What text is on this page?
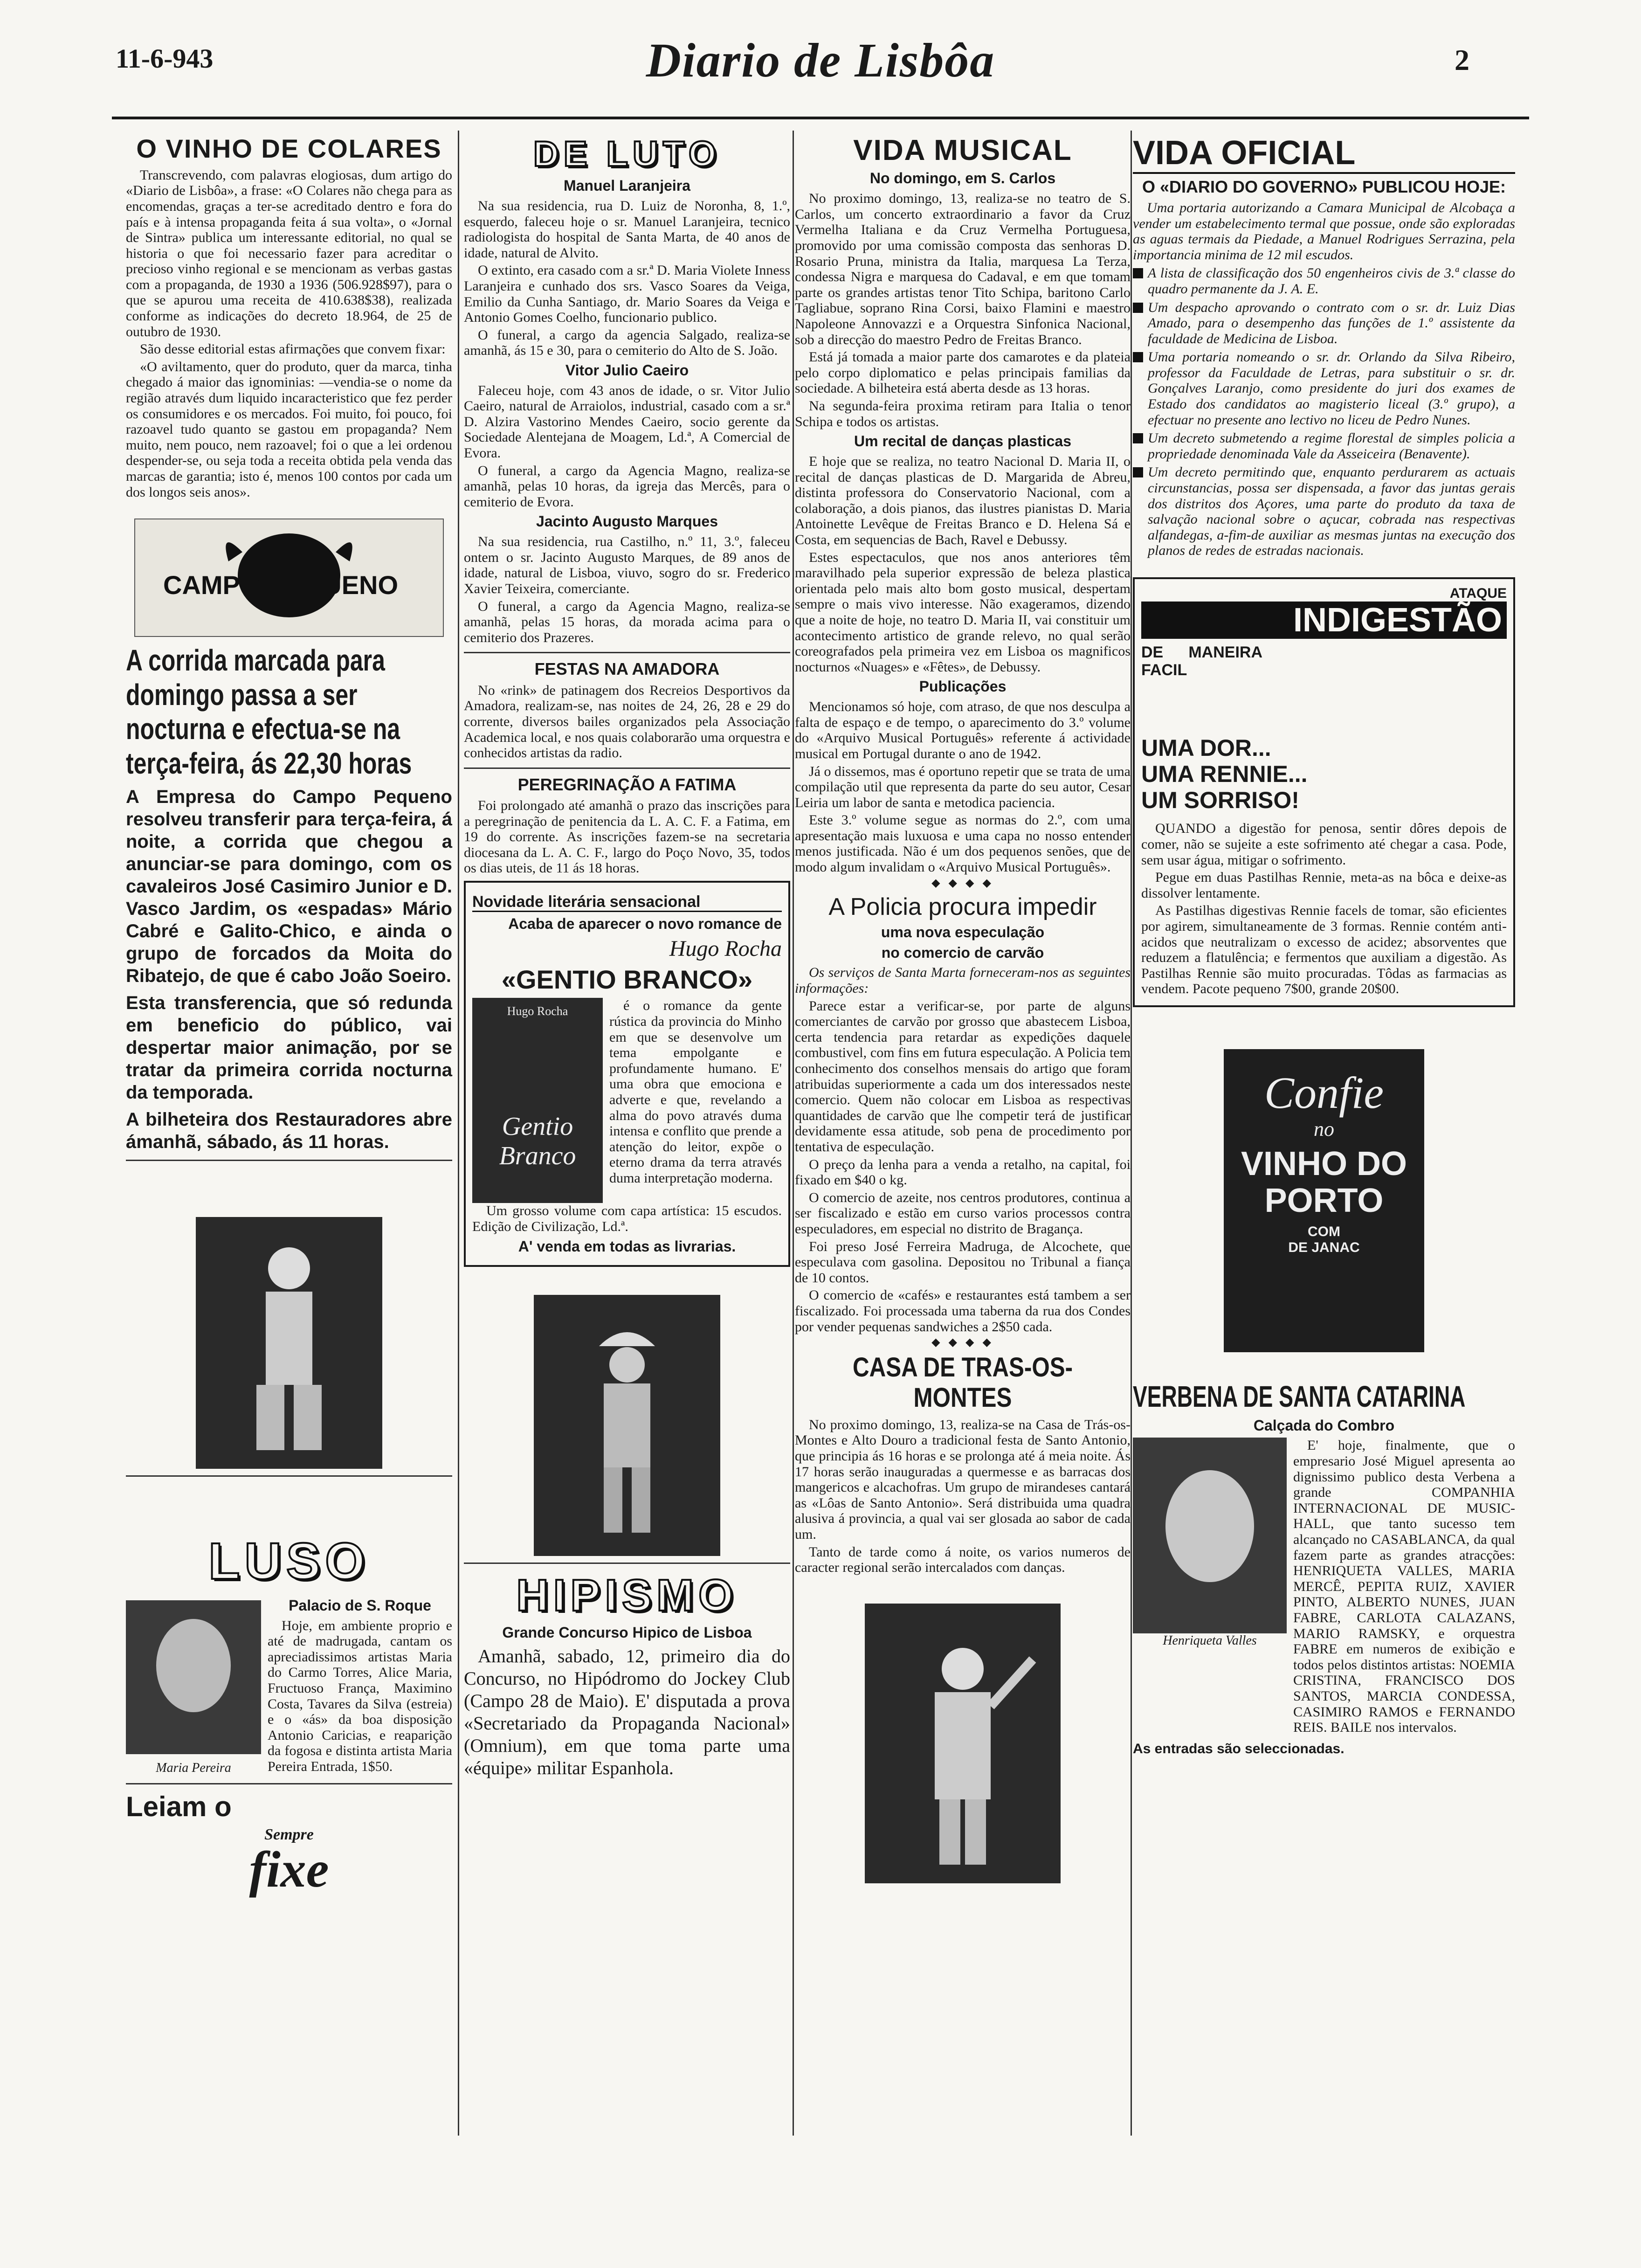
11-6-943	Diario de Lisbôa	2
O VINHO DE COLARES

Transcrevendo, com palavras elogiosas, dum artigo do «Diario de Lisbôa», a frase: «O Colares não chega para as encomendas, graças a ter-se acreditado dentro e fora do país e à intensa propaganda feita á sua volta», o «Jornal de Sintra» publica um interessante editorial, no qual se historia o que foi necessario fazer para acreditar o precioso vinho regional e se mencionam as verbas gastas com a propaganda, de 1930 a 1936 (506.928$97), para o que se apurou uma receita de 410.638$38), realizada conforme as indicações do decreto 18.964, de 25 de outubro de 1930.

São desse editorial estas afirmações que convem fixar:

«O aviltamento, quer do produto, quer da marca, tinha chegado á maior das ignominias: —vendia-se o nome da região através dum liquido incaracteristico que fez perder os consumidores e os mercados. Foi muito, foi pouco, foi razoavel tudo quanto se gastou em propaganda? Nem muito, nem pouco, nem razoavel; foi o que a lei ordenou despender-se, ou seja toda a receita obtida pela venda das marcas de garantia; isto é, menos 100 contos por cada um dos longos seis anos».

CAMPO PEQUENO
A corrida marcada para domingo passa a ser nocturna e efectua-se na terça-feira, ás 22,30 horas
A Empresa do Campo Pequeno resolveu transferir para terça-feira, á noite, a corrida que chegou a anunciar-se para domingo, com os cavaleiros José Casimiro Junior e D. Vasco Jardim, os «espadas» Mário Cabré e Galito-Chico, e ainda o grupo de forcados da Moita do Ribatejo, de que é cabo João Soeiro.
Esta transferencia, que só redunda em beneficio do público, vai despertar maior animação, por se tratar da primeira corrida nocturna da temporada.
A bilheteira dos Restauradores abre ámanhã, sábado, ás 11 horas.
LUSO
Maria Pereira
Palacio de S. Roque

Hoje, em ambiente proprio e até de madrugada, cantam os apreciadissimos artistas Maria do Carmo Torres, Alice Maria, Fructuoso França, Maximino Costa, Tavares da Silva (estreia) e o «ás» da boa disposição Antonio Caricias, e reaparição da fogosa e distinta artista Maria Pereira Entrada, 1$50.

Leiam o
Sempre
fixe
DE LUTO
Manuel Laranjeira

Na sua residencia, rua D. Luiz de Noronha, 8, 1.º, esquerdo, faleceu hoje o sr. Manuel Laranjeira, tecnico radiologista do hospital de Santa Marta, de 40 anos de idade, natural de Alvito.

O extinto, era casado com a sr.ª D. Maria Violete Inness Laranjeira e cunhado dos srs. Vasco Soares da Veiga, Emilio da Cunha Santiago, dr. Mario Soares da Veiga e Antonio Gomes Coelho, funcionario publico.

O funeral, a cargo da agencia Salgado, realiza-se amanhã, ás 15 e 30, para o cemiterio do Alto de S. João.

Vitor Julio Caeiro

Faleceu hoje, com 43 anos de idade, o sr. Vitor Julio Caeiro, natural de Arraiolos, industrial, casado com a sr.ª D. Alzira Vastorino Mendes Caeiro, socio gerente da Sociedade Alentejana de Moagem, Ld.ª, A Comercial de Evora.

O funeral, a cargo da Agencia Magno, realiza-se amanhã, pelas 10 horas, da igreja das Mercês, para o cemiterio de Evora.

Jacinto Augusto Marques

Na sua residencia, rua Castilho, n.º 11, 3.º, faleceu ontem o sr. Jacinto Augusto Marques, de 89 anos de idade, natural de Lisboa, viuvo, sogro do sr. Frederico Xavier Teixeira, comerciante.

O funeral, a cargo da Agencia Magno, realiza-se amanhã, pelas 15 horas, da morada acima para o cemiterio dos Prazeres.

FESTAS NA AMADORA

No «rink» de patinagem dos Recreios Desportivos da Amadora, realizam-se, nas noites de 24, 26, 28 e 29 do corrente, diversos bailes organizados pela Associação Academica local, e nos quais colaborarão uma orquestra e conhecidos artistas da radio.

PEREGRINAÇÃO A FATIMA

Foi prolongado até amanhã o prazo das inscrições para a peregrinação de penitencia da L. A. C. F. a Fatima, em 19 do corrente. As inscrições fazem-se na secretaria diocesana da L. A. C. F., largo do Poço Novo, 35, todos os dias uteis, de 11 ás 18 horas.

Novidade literária sensacional
Acaba de aparecer o novo romance de
Hugo Rocha
«GENTIO BRANCO»
Hugo Rocha
Gentio Branco

é o romance da gente rústica da provincia do Minho em que se desenvolve um tema empolgante e profundamente humano. E' uma obra que emociona e adverte e que, revelando a alma do povo através duma intensa e conflito que prende a atenção do leitor, expõe o eterno drama da terra através duma interpretação moderna.

Um grosso volume com capa artística: 15 escudos. Edição de Civilização, Ld.ª.

A' venda em todas as livrarias.
HIPISMO
Grande Concurso Hipico de Lisboa

Amanhã, sabado, 12, primeiro dia do Concurso, no Hipódromo do Jockey Club (Campo 28 de Maio). E' disputada a prova «Secretariado da Propaganda Nacional» (Omnium), em que toma parte uma «équipe» militar Espanhola.

VIDA MUSICAL
No domingo, em S. Carlos

No proximo domingo, 13, realiza-se no teatro de S. Carlos, um concerto extraordinario a favor da Cruz Vermelha Italiana e da Cruz Vermelha Portuguesa, promovido por uma comissão composta das senhoras D. Rosario Pruna, ministra da Italia, marquesa La Terza, condessa Nigra e marquesa do Cadaval, e em que tomam parte os grandes artistas tenor Tito Schipa, baritono Carlo Tagliabue, soprano Rina Corsi, baixo Flamini e maestro Napoleone Annovazzi e a Orquestra Sinfonica Nacional, sob a direcção do maestro Pedro de Freitas Branco.

Está já tomada a maior parte dos camarotes e da plateia pelo corpo diplomatico e pelas principais familias da sociedade. A bilheteira está aberta desde as 13 horas.

Na segunda-feira proxima retiram para Italia o tenor Schipa e todos os artistas.

Um recital de danças plasticas

E hoje que se realiza, no teatro Nacional D. Maria II, o recital de danças plasticas de D. Margarida de Abreu, distinta professora do Conservatorio Nacional, com a colaboração, a dois pianos, das ilustres pianistas D. Maria Antoinette Levêque de Freitas Branco e D. Helena Sá e Costa, em sequencias de Bach, Ravel e Debussy.

Estes espectaculos, que nos anos anteriores têm maravilhado pela superior expressão de beleza plastica orientada pelo mais alto bom gosto musical, despertam sempre o mais vivo interesse. Não exageramos, dizendo que a noite de hoje, no teatro D. Maria II, vai constituir um acontecimento artistico de grande relevo, no qual serão coreografados pela primeira vez em Lisboa os magnificos nocturnos «Nuages» e «Fêtes», de Debussy.

Publicações

Mencionamos só hoje, com atraso, de que nos desculpa a falta de espaço e de tempo, o aparecimento do 3.º volume do «Arquivo Musical Português» referente á actividade musical em Portugal durante o ano de 1942.

Já o dissemos, mas é oportuno repetir que se trata de uma compilação util que representa da parte do seu autor, Cesar Leiria um labor de santa e metodica paciencia.

Este 3.º volume segue as normas do 2.º, com uma apresentação mais luxuosa e uma capa no nosso entender menos justificada. Não é um dos pequenos senões, que de modo algum invalidam o «Arquivo Musical Português».

◆ ◆ ◆ ◆
A Policia procura impedir
uma nova especulação
no comercio de carvão

Os serviços de Santa Marta forneceram-nos as seguintes informações:

Parece estar a verificar-se, por parte de alguns comerciantes de carvão por grosso que abastecem Lisboa, certa tendencia para retardar as expedições daquele combustivel, com fins em futura especulação. A Policia tem conhecimento dos conselhos mensais do artigo que foram atribuidas superiormente a cada um dos interessados neste comercio. Quem não colocar em Lisboa as respectivas quantidades de carvão que lhe competir terá de justificar devidamente essa atitude, sob pena de procedimento por tentativa de especulação.

O preço da lenha para a venda a retalho, na capital, foi fixado em $40 o kg.

O comercio de azeite, nos centros produtores, continua a ser fiscalizado e estão em curso varios processos contra especuladores, em especial no distrito de Bragança.

Foi preso José Ferreira Madruga, de Alcochete, que especulava com gasolina. Depositou no Tribunal a fiança de 10 contos.

O comercio de «cafés» e restaurantes está tambem a ser fiscalizado. Foi processada uma taberna da rua dos Condes por vender pequenas sandwiches a 2$50 cada.

◆ ◆ ◆ ◆
CASA DE TRAS-OS-MONTES

No proximo domingo, 13, realiza-se na Casa de Trás-os-Montes e Alto Douro a tradicional festa de Santo Antonio, que principia ás 16 horas e se prolonga até á meia noite. Ás 17 horas serão inauguradas a quermesse e as barracas dos mangericos e alcachofras. Um grupo de mirandeses cantará as «Lôas de Santo Antonio». Será distribuida uma quadra alusiva á provincia, a qual vai ser glosada ao sabor de cada um.

Tanto de tarde como á noite, os varios numeros de caracter regional serão intercalados com danças.

VIDA OFICIAL
O «DIARIO DO GOVERNO» PUBLICOU HOJE:

Uma portaria autorizando a Camara Municipal de Alcobaça a vender um estabelecimento termal que possue, onde são exploradas as aguas termais da Piedade, a Manuel Rodrigues Serrazina, pela importancia minima de 12 mil escudos.

A lista de classificação dos 50 engenheiros civis de 3.ª classe do quadro permanente da J. A. E.
Um despacho aprovando o contrato com o sr. dr. Luiz Dias Amado, para o desempenho das funções de 1.º assistente da faculdade de Medicina de Lisboa.
Uma portaria nomeando o sr. dr. Orlando da Silva Ribeiro, professor da Faculdade de Letras, para substituir o sr. dr. Gonçalves Laranjo, como presidente do juri dos exames de Estado dos candidatos ao magisterio liceal (3.º grupo), a efectuar no presente ano lectivo no liceu de Pedro Nunes.
Um decreto submetendo a regime florestal de simples policia a propriedade denominada Vale da Asseiceira (Benavente).
Um decreto permitindo que, enquanto perdurarem as actuais circunstancias, possa ser dispensada, a favor das juntas gerais dos distritos dos Açores, uma parte do produto da taxa de salvação nacional sobre o açucar, cobrada nas respectivas alfandegas, a-fim-de auxiliar as mesmas juntas na execução dos planos de redes de estradas nacionais.
ATAQUE
INDIGESTÃO
DE MANEIRA FACIL
UMA DOR...
UMA RENNIE...
UM SORRISO!

QUANDO a digestão for penosa, sentir dôres depois de comer, não se sujeite a este sofrimento até chegar a casa. Pode, sem usar água, mitigar o sofrimento.

Pegue em duas Pastilhas Rennie, meta-as na bôca e deixe-as dissolver lentamente.

As Pastilhas digestivas Rennie facels de tomar, são eficientes por agirem, simultaneamente de 3 formas. Rennie contém anti-acidos que neutralizam o excesso de acidez; absorventes que reduzem a flatulência; e fermentos que auxiliam a digestão. As Pastilhas Rennie são muito procuradas. Tôdas as farmacias as vendem. Pacote pequeno 7$00, grande 20$00.

Confie
no
VINHO DO PORTO
COM
DE JANAC
VERBENA DE SANTA CATARINA
Calçada do Combro
Henriqueta Valles

E' hoje, finalmente, que o empresario José Miguel apresenta ao dignissimo publico desta Verbena a grande COMPANHIA INTERNACIONAL DE MUSIC-HALL, que tanto sucesso tem alcançado no CASABLANCA, da qual fazem parte as grandes atracções: HENRIQUETA VALLES, MARIA MERCÊ, PEPITA RUIZ, XAVIER PINTO, ALBERTO NUNES, JUAN FABRE, CARLOTA CALAZANS, MARIO RAMSKY, e orquestra FABRE em numeros de exibição e todos pelos distintos artistas: NOEMIA CRISTINA, FRANCISCO DOS SANTOS, MARCIA CONDESSA, CASIMIRO RAMOS e FERNANDO REIS. BAILE nos intervalos.

As entradas são seleccionadas.
